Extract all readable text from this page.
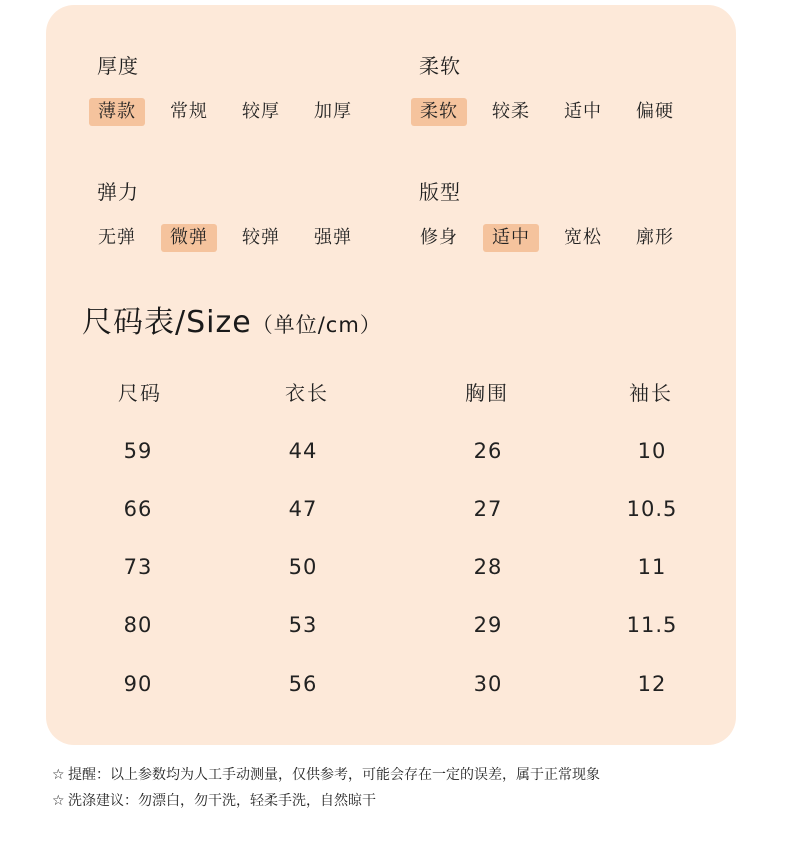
厚度
薄款	常规	较厚	加厚
柔软
柔软	较柔	适中	偏硬
弹力
无弹	微弹	较弹	强弹
版型
修身	适中	宽松	廓形
尺码表/Size（单位/cm）
尺码	衣长	胸围	袖长
59	44	26	10
66	47	27	10.5
73	50	28	11
80	53	29	11.5
90	56	30	12
☆ 提醒：以上参数均为人工手动测量，仅供参考，可能会存在一定的误差，属于正常现象
☆ 洗涤建议：勿漂白，勿干洗，轻柔手洗，自然晾干
